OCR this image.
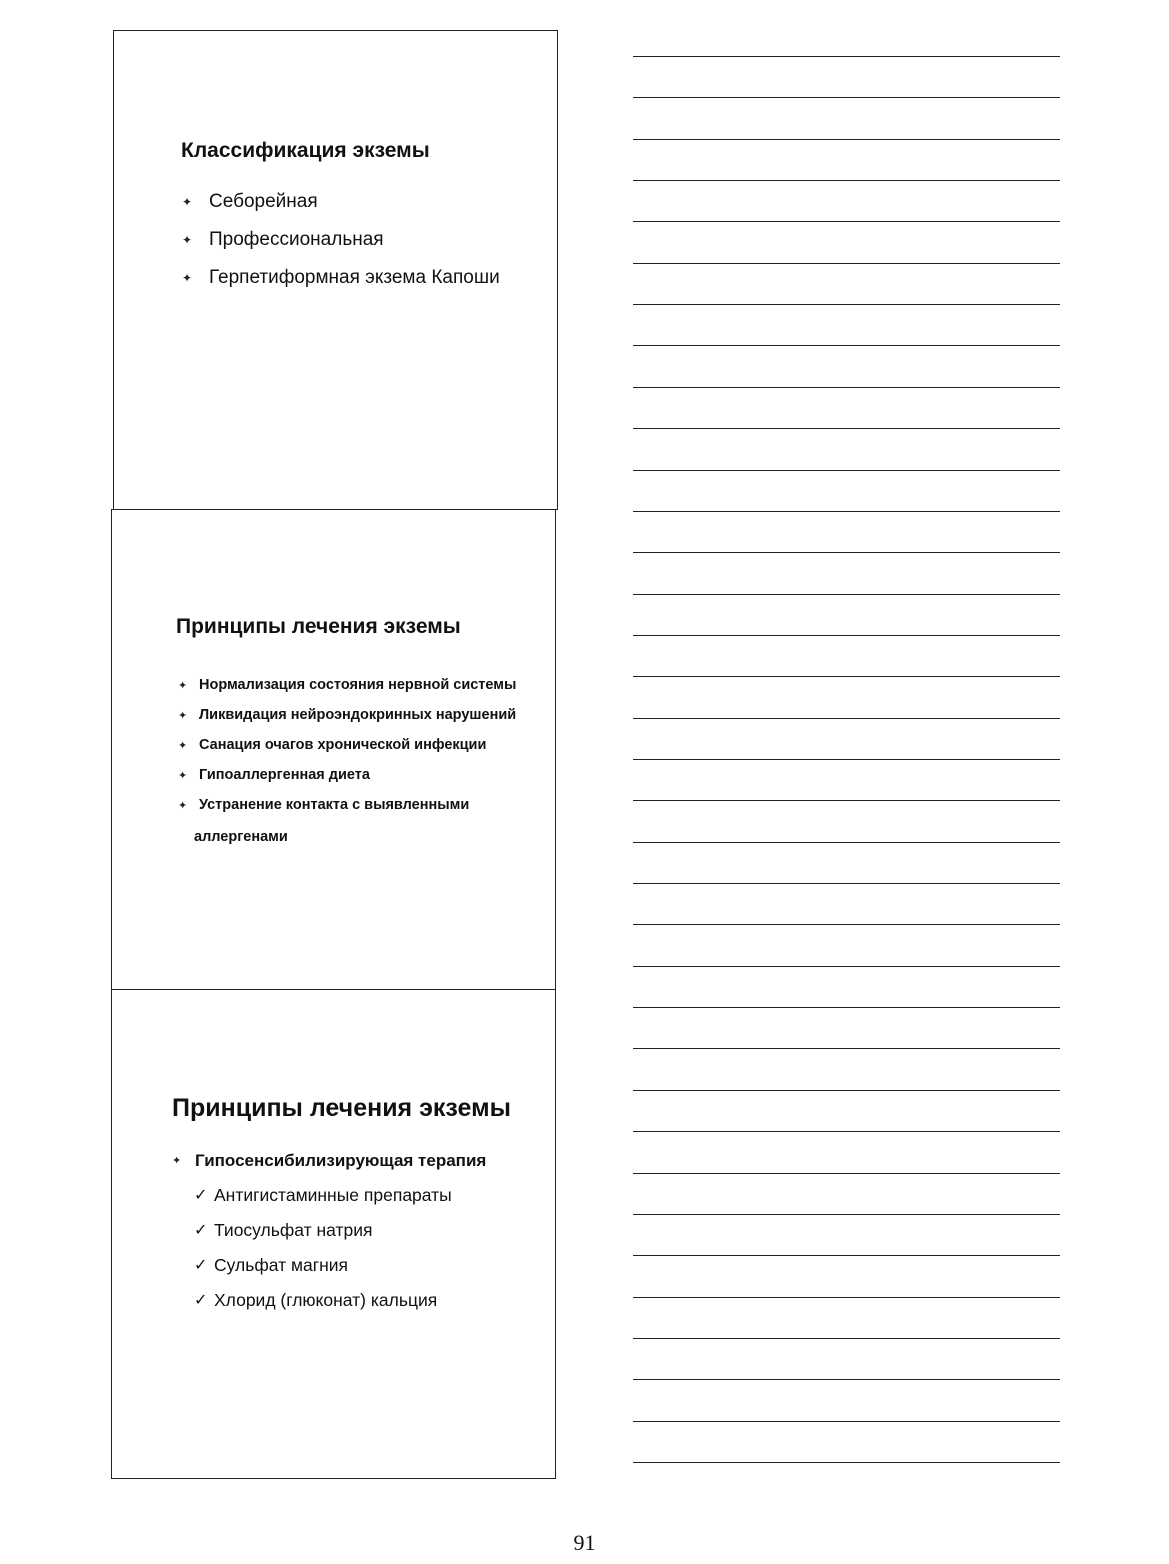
Классификация экземы
✦ Себорейная
✦ Профессиональная
✦ Герпетиформная экзема Капоши
Принципы лечения экземы
✦ Нормализация состояния нервной системы
✦ Ликвидация нейроэндокринных нарушений
✦ Санация очагов хронической инфекции
✦ Гипоаллергенная диета
✦ Устранение контакта с выявленными
аллергенами
Принципы лечения экземы
✦ Гипосенсибилизирующая терапия
✓ Антигистаминные препараты
✓ Тиосульфат натрия
✓ Сульфат магния
✓ Хлорид (глюконат) кальция
91
